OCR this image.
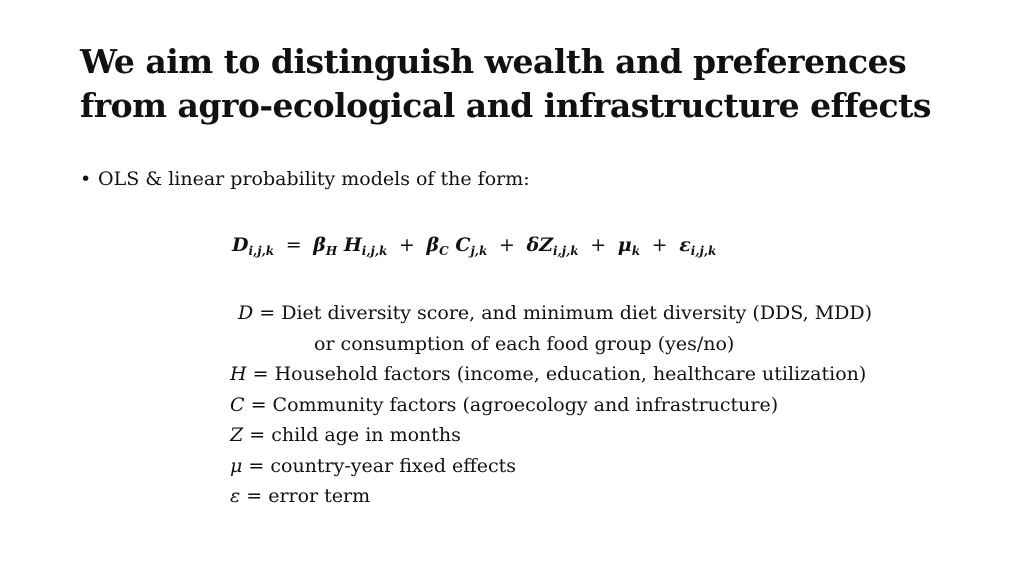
We aim to distinguish wealth and preferences
from agro-ecological and infrastructure effects
• OLS & linear probability models of the form:
$D_{i,j,k} = \beta_H$ $H_{i,j,k} + \beta_C$ $C_{j,k} + \delta Z_{i,j,k} + \mu_k + \varepsilon_{i,j,k}$
D = Diet diversity score, and minimum diet diversity (DDS, MDD)
or consumption of each food group (yes/no)
H = Household factors (income, education, healthcare utilization)
C = Community factors (agroecology and infrastructure)
Z = child age in months
μ = country-year fixed effects
ε = error term
